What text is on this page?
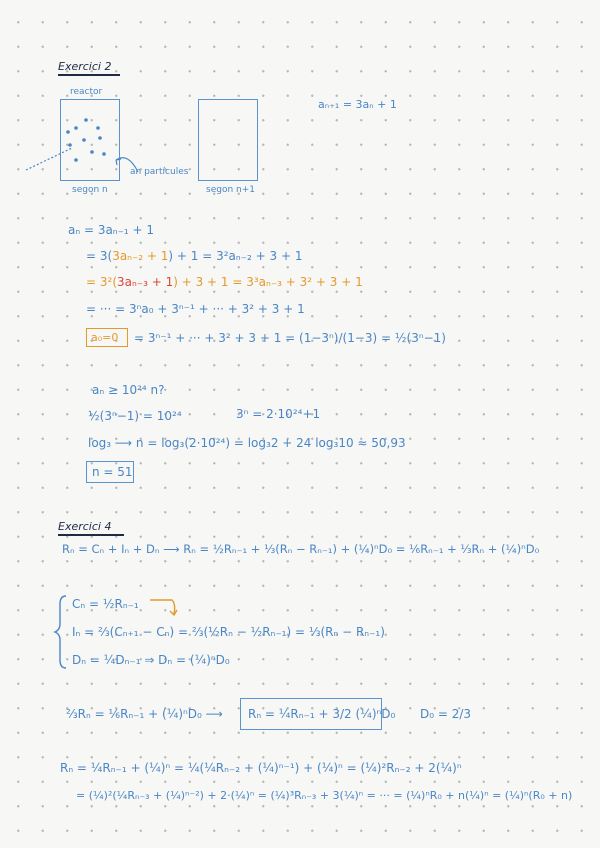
Exercici 2
reactor
an partícules
segon n	segon n+1
aₙ₊₁ = 3aₙ + 1
aₙ = 3aₙ₋₁ + 1
= 3(3aₙ₋₂ + 1) + 1 = 3²aₙ₋₂ + 3 + 1
= 3²(3aₙ₋₃ + 1) + 3 + 1 = 3³aₙ₋₃ + 3² + 3 + 1
= ··· = 3ⁿa₀ + 3ⁿ⁻¹ + ··· + 3² + 3 + 1
a₀=0 = 3ⁿ⁻¹ + ··· + 3² + 3 + 1 = (1−3ⁿ)/(1−3) = ½(3ⁿ−1)
aₙ ≥ 10²⁴ n?
½(3ⁿ−1) = 10²⁴	3ⁿ = 2·10²⁴+1
log₃ ⟶ n = log₃(2·10²⁴) = log₃2 + 24 log₃10 ≈ 50,93
n = 51
Exercici 4
Rₙ = Cₙ + Iₙ + Dₙ ⟶ Rₙ = ½Rₙ₋₁ + ⅓(Rₙ − Rₙ₋₁) + (¼)ⁿD₀ = ⅙Rₙ₋₁ + ⅓Rₙ + (¼)ⁿD₀
Cₙ = ½Rₙ₋₁
Iₙ = ⅔(Cₙ₊₁ − Cₙ) = ⅔(½Rₙ − ½Rₙ₋₁) = ⅓(Rₙ − Rₙ₋₁)
Dₙ = ¼Dₙ₋₁ ⇒ Dₙ = (¼)ⁿD₀
⅔Rₙ = ⅙Rₙ₋₁ + (¼)ⁿD₀ ⟶ Rₙ = ¼Rₙ₋₁ + 3/2 (¼)ⁿD₀ D₀ = 2/3
Rₙ = ¼Rₙ₋₁ + (¼)ⁿ = ¼(¼Rₙ₋₂ + (¼)ⁿ⁻¹) + (¼)ⁿ = (¼)²Rₙ₋₂ + 2(¼)ⁿ
= (¼)²(¼Rₙ₋₃ + (¼)ⁿ⁻²) + 2·(¼)ⁿ = (¼)³Rₙ₋₃ + 3(¼)ⁿ = ··· = (¼)ⁿR₀ + n(¼)ⁿ = (¼)ⁿ(R₀ + n)
